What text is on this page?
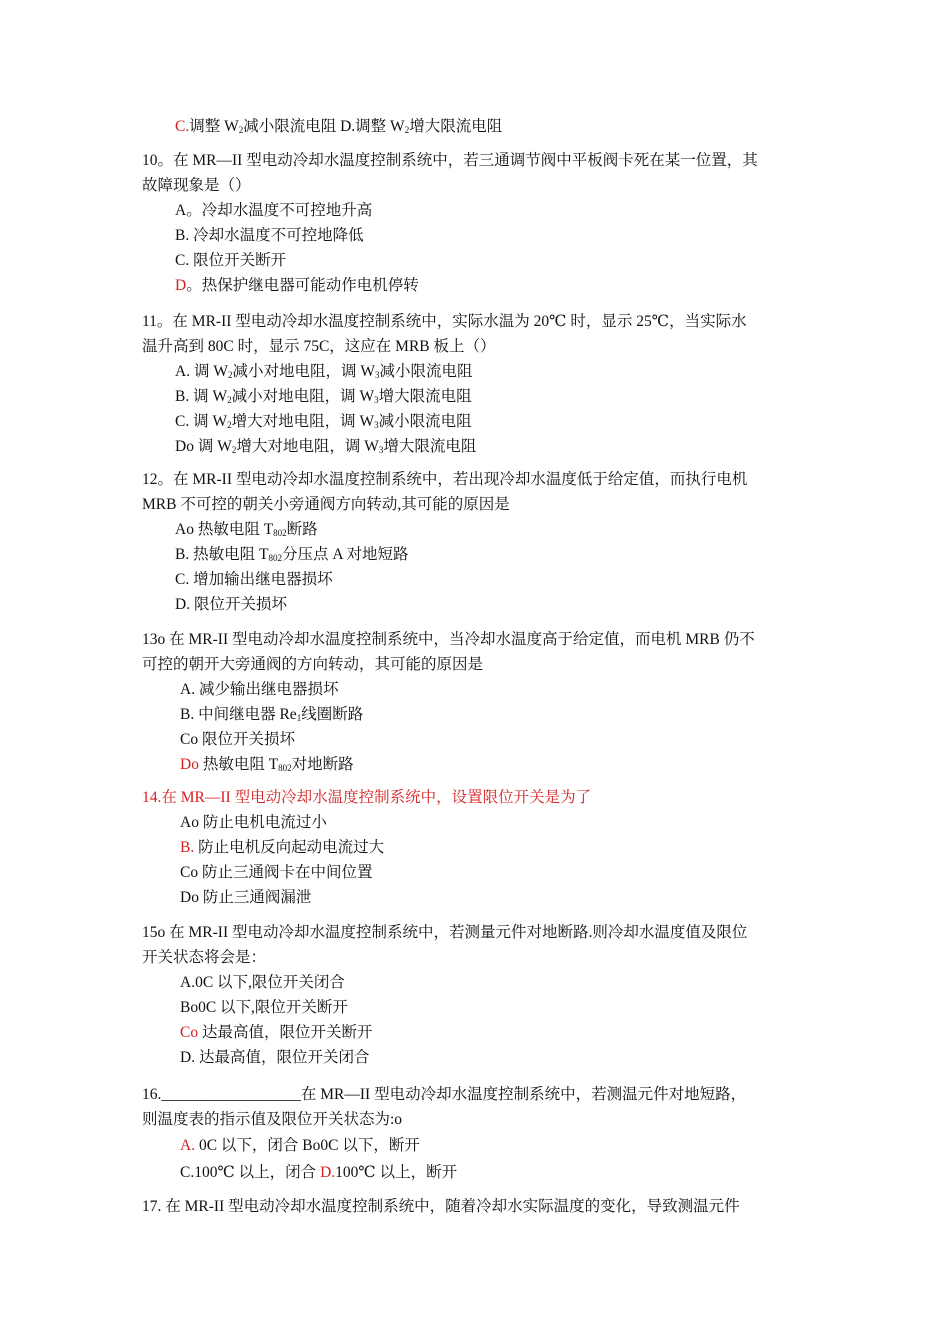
C.调整 $W_2$减小限流电阻 D.调整 $W_2$增大限流电阻
10。在 MR—II 型电动冷却水温度控制系统中，若三通调节阀中平板阀卡死在某一位置，其
故障现象是（）
A。冷却水温度不可控地升高
B. 冷却水温度不可控地降低
C. 限位开关断开
D。热保护继电器可能动作电机停转
11。在 MR-II 型电动冷却水温度控制系统中，实际水温为 20℃ 时，显示 25℃，当实际水
温升高到 80C 时，显示 75C，这应在 MRB 板上（）
A. 调 $W_2$减小对地电阻，调 $W_3$减小限流电阻
B. 调 $W_2$减小对地电阻，调 $W_3$增大限流电阻
C. 调 $W_2$增大对地电阻，调 $W_3$减小限流电阻
Do 调 $W_2$增大对地电阻，调 $W_3$增大限流电阻
12。在 MR-II 型电动冷却水温度控制系统中，若出现冷却水温度低于给定值，而执行电机
MRB 不可控的朝关小旁通阀方向转动,其可能的原因是
Ao 热敏电阻 $T_{802}$断路
B. 热敏电阻 $T_{802}$分压点 A 对地短路
C. 增加输出继电器损坏
D. 限位开关损坏
13o 在 MR-II 型电动冷却水温度控制系统中，当冷却水温度高于给定值，而电机 MRB 仍不
可控的朝开大旁通阀的方向转动，其可能的原因是
A. 减少输出继电器损坏
B. 中间继电器 $Re_1$线圈断路
Co 限位开关损坏
Do 热敏电阻 $T_{802}$对地断路
14.在 MR—II 型电动冷却水温度控制系统中，设置限位开关是为了
Ao 防止电机电流过小
B. 防止电机反向起动电流过大
Co 防止三通阀卡在中间位置
Do 防止三通阀漏泄
15o 在 MR-II 型电动冷却水温度控制系统中，若测量元件对地断路.则冷却水温度值及限位
开关状态将会是：
A.0C 以下,限位开关闭合
Bo0C 以下,限位开关断开
Co 达最高值，限位开关断开
D. 达最高值，限位开关闭合
16.__________________在 MR—II 型电动冷却水温度控制系统中，若测温元件对地短路，
则温度表的指示值及限位开关状态为:o
A. 0C 以下，闭合 Bo0C 以下，断开
C.100℃ 以上，闭合 D.100℃ 以上，断开
17. 在 MR-II 型电动冷却水温度控制系统中，随着冷却水实际温度的变化，导致测温元件
